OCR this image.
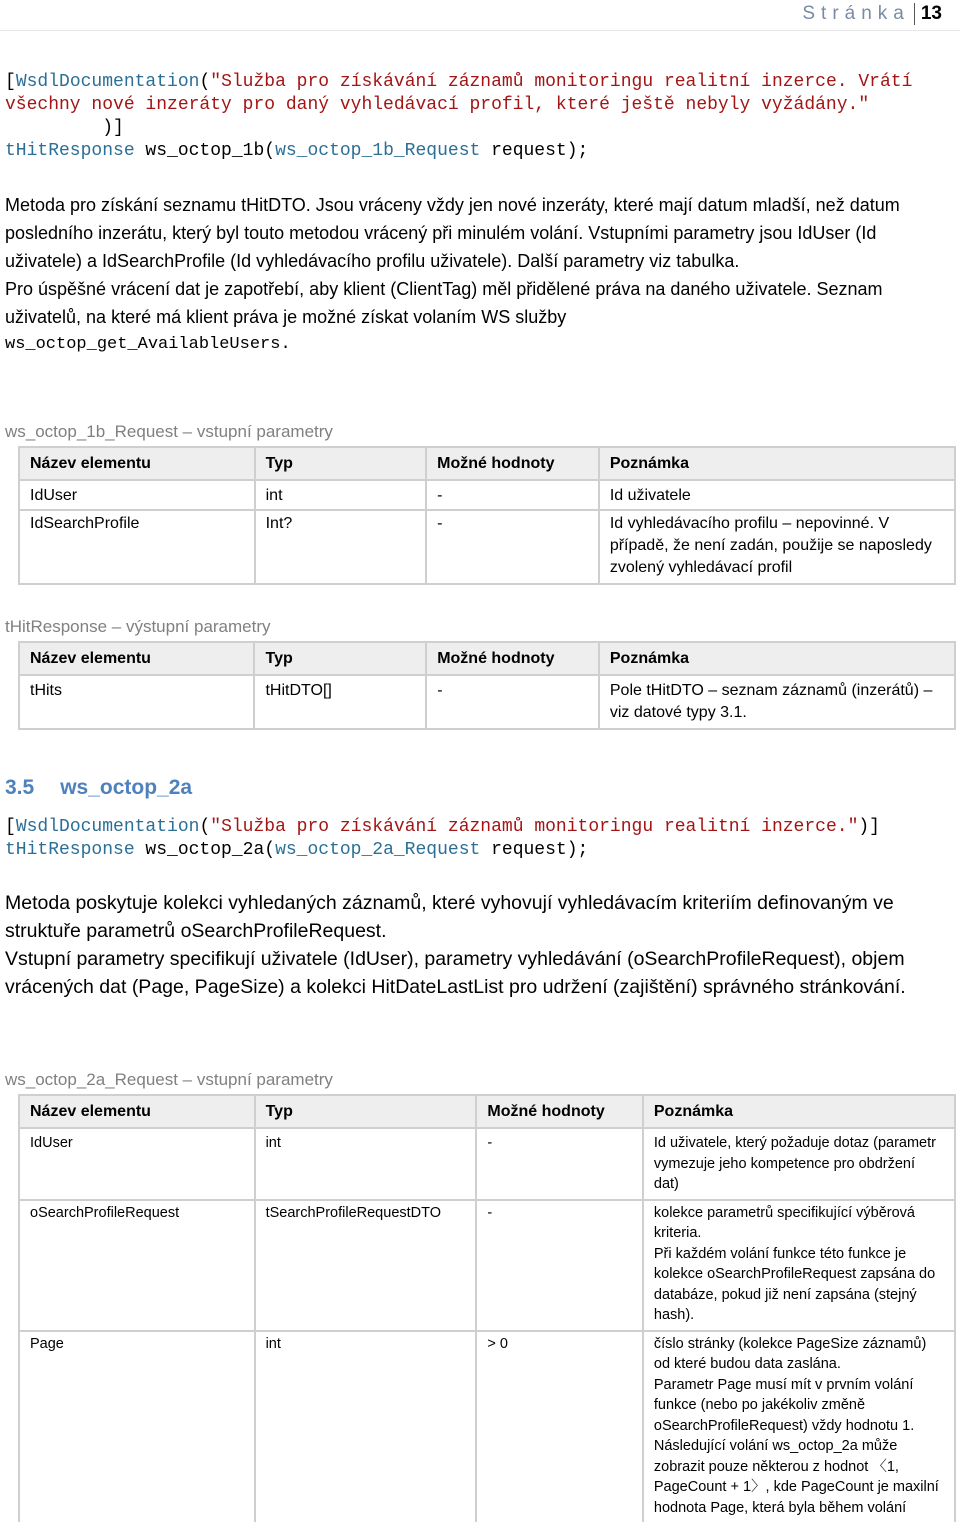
Stránka 13
[WsdlDocumentation("Služba pro získávání záznamů monitoringu realitní inzerce. Vrátí
všechny nové inzeráty pro daný vyhledávací profil, které ještě nebyly vyžádány."
)]
tHitResponse ws_octop_1b(ws_octop_1b_Request request);
Metoda pro získání seznamu tHitDTO. Jsou vráceny vždy jen nové inzeráty, které mají datum mladší, než datum posledního inzerátu, který byl touto metodou vrácený při minulém volání. Vstupními parametry jsou IdUser (Id uživatele) a IdSearchProfile (Id vyhledávacího profilu uživatele). Další parametry viz tabulka.
Pro úspěšné vrácení dat je zapotřebí, aby klient (ClientTag) měl přidělené práva na daného uživatele. Seznam uživatelů, na které má klient práva je možné získat volaním WS služby
ws_octop_get_AvailableUsers.
ws_octop_1b_Request – vstupní parametry
Název elementu	Typ	Možné hodnoty	Poznámka
IdUser	int	-	Id uživatele
IdSearchProfile	Int?	-	Id vyhledávacího profilu – nepovinné. V případě, že není zadán, použije se naposledy zvolený vyhledávací profil
tHitResponse – výstupní parametry
Název elementu	Typ	Možné hodnoty	Poznámka
tHits	tHitDTO[]	-	Pole tHitDTO – seznam záznamů (inzerátů) – viz datové typy 3.1.
3.5 ws_octop_2a
[WsdlDocumentation("Služba pro získávání záznamů monitoringu realitní inzerce.")]
tHitResponse ws_octop_2a(ws_octop_2a_Request request);
Metoda poskytuje kolekci vyhledaných záznamů, které vyhovují vyhledávacím kriteriím definovaným ve struktuře parametrů oSearchProfileRequest.
Vstupní parametry specifikují uživatele (IdUser), parametry vyhledávání (oSearchProfileRequest), objem vrácených dat (Page, PageSize) a kolekci HitDateLastList pro udržení (zajištění) správného stránkování.
ws_octop_2a_Request – vstupní parametry
Název elementu	Typ	Možné hodnoty	Poznámka
IdUser	int	-	Id uživatele, který požaduje dotaz (parametr vymezuje jeho kompetence pro obdržení dat)
oSearchProfileRequest	tSearchProfileRequestDTO	-	kolekce parametrů specifikující výběrová kriteria.
Při každém volání funkce této funkce je kolekce oSearchProfileRequest zapsána do databáze, pokud již není zapsána (stejný hash).

Page	int	> 0	číslo stránky (kolekce PageSize záznamů) od které budou data zaslána.
Parametr Page musí mít v prvním volání funkce (nebo po jakékoliv změně oSearchProfileRequest) vždy hodnotu 1.
Následující volání ws_octop_2a může zobrazit pouze některou z hodnot 〈1, PageCount + 1〉, kde PageCount je maxilní hodnota Page, která byla během volání
